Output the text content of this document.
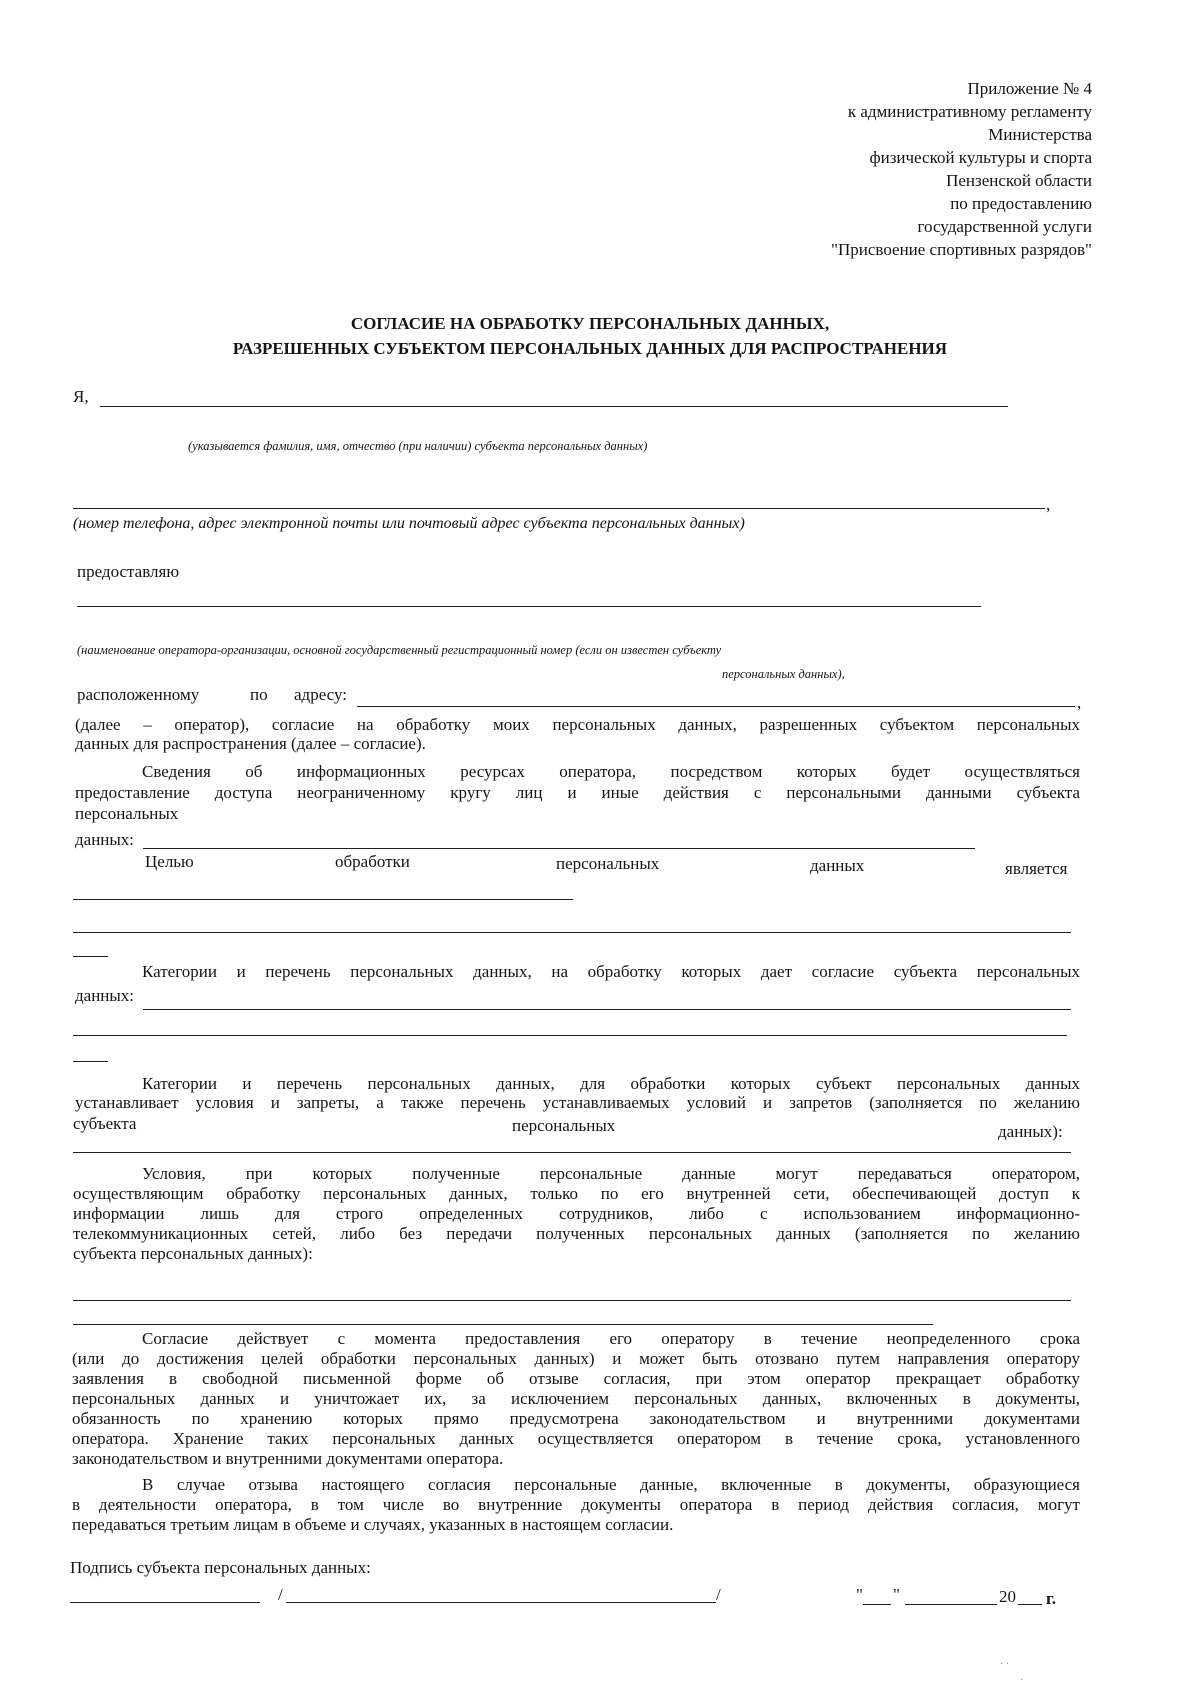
Приложение № 4
к административному регламенту
Министерства
физической культуры и спорта
Пензенской области
по предоставлению
государственной услуги
"Присвоение спортивных разрядов"
СОГЛАСИЕ НА ОБРАБОТКУ ПЕРСОНАЛЬНЫХ ДАННЫХ,
РАЗРЕШЕННЫХ СУБЪЕКТОМ ПЕРСОНАЛЬНЫХ ДАННЫХ ДЛЯ РАСПРОСТРАНЕНИЯ
Я,
(указывается фамилия, имя, отчество (при наличии) субъекта персональных данных)
,
(номер телефона, адрес электронной почты или почтовый адрес субъекта персональных данных)
предоставляю
(наименование оператора-организации, основной государственный регистрационный номер (если он известен субъекту
персональных данных),
расположенному	по адресу:	,
(далее – оператор), согласие на обработку моих персональных данных, разрешенных субъектом персональных
данных для распространения (далее – согласие).
Сведения об информационных ресурсах оператора, посредством которых будет осуществляться
предоставление доступа неограниченному кругу лиц и иные действия с персональными данными субъекта
персональных
данных:
Целью	обработки	персональных	данных	является
Категории и перечень персональных данных, на обработку которых дает согласие субъекта персональных
данных:
Категории и перечень персональных данных, для обработки которых субъект персональных данных
устанавливает условия и запреты, а также перечень устанавливаемых условий и запретов (заполняется по желанию
субъекта	персональных	данных):
Условия, при которых полученные персональные данные могут передаваться оператором,
осуществляющим обработку персональных данных, только по его внутренней сети, обеспечивающей доступ к
информации лишь для строго определенных сотрудников, либо с использованием информационно-
телекоммуникационных сетей, либо без передачи полученных персональных данных (заполняется по желанию
субъекта персональных данных):
Согласие действует с момента предоставления его оператору в течение неопределенного срока
(или до достижения целей обработки персональных данных) и может быть отозвано путем направления оператору
заявления в свободной письменной форме об отзыве согласия, при этом оператор прекращает обработку
персональных данных и уничтожает их, за исключением персональных данных, включенных в документы,
обязанность по хранению которых прямо предусмотрена законодательством и внутренними документами
оператора. Хранение таких персональных данных осуществляется оператором в течение срока, установленного
законодательством и внутренними документами оператора.
В случае отзыва настоящего согласия персональные данные, включенные в документы, образующиеся
в деятельности оператора, в том числе во внутренние документы оператора в период действия согласия, могут
передаваться третьим лицам в объеме и случаях, указанных в настоящем согласии.
Подпись субъекта персональных данных:
/	/	" "	20 г.
· ·
·
